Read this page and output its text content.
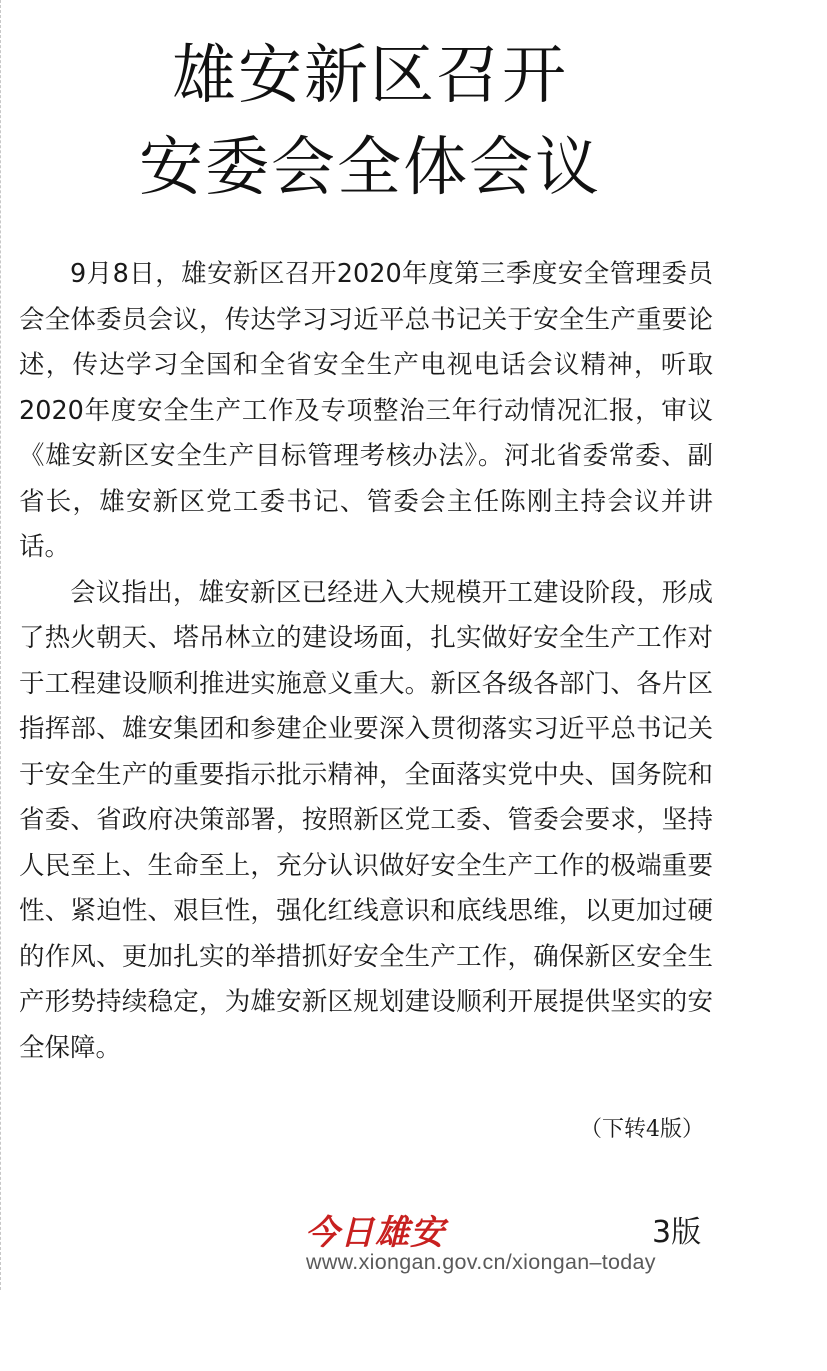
雄安新区召开
安委会全体会议

9月8日，雄安新区召开2020年度第三季度安全管理委员会全体委员会议，传达学习习近平总书记关于安全生产重要论述，传达学习全国和全省安全生产电视电话会议精神，听取2020年度安全生产工作及专项整治三年行动情况汇报，审议《雄安新区安全生产目标管理考核办法》。河北省委常委、副省长，雄安新区党工委书记、管委会主任陈刚主持会议并讲话。

会议指出，雄安新区已经进入大规模开工建设阶段，形成了热火朝天、塔吊林立的建设场面，扎实做好安全生产工作对于工程建设顺利推进实施意义重大。新区各级各部门、各片区指挥部、雄安集团和参建企业要深入贯彻落实习近平总书记关于安全生产的重要指示批示精神，全面落实党中央、国务院和省委、省政府决策部署，按照新区党工委、管委会要求，坚持人民至上、生命至上，充分认识做好安全生产工作的极端重要性、紧迫性、艰巨性，强化红线意识和底线思维，以更加过硬的作风、更加扎实的举措抓好安全生产工作，确保新区安全生产形势持续稳定，为雄安新区规划建设顺利开展提供坚实的安全保障。

（下转4版）
今日雄安	3版
www.xiongan.gov.cn/xiongan–today
